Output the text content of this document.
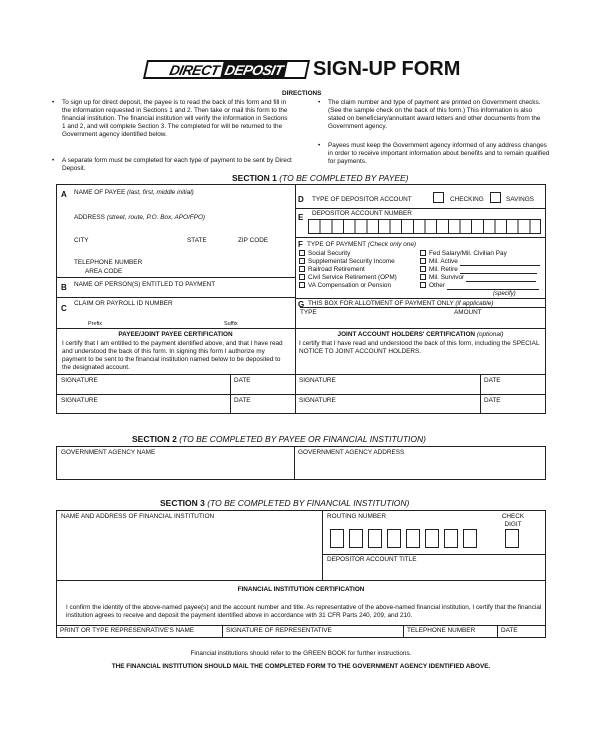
DIRECT DEPOSIT SIGN-UP FORM
DIRECTIONS
• To sign up for direct deposit, the payee is to read the back of this form and fill in the information requested in Sections 1 and 2. Then take or mail this form to the financial institution. The financial institution will verify the information in Sections 1 and 2, and will complete Section 3. The completed for will be returned to the Government agency identified below.
• A separate form must be completed for each type of payment to be sent by Direct Deposit.
• The claim number and type of payment are printed on Government checks. (See the sample check on the back of this form.) This information is also stated on beneficiary/annuitant award letters and other documents from the Government agency.
• Payees must keep the Government agency informed of any address changes in order to receive important information about benefits and to remain qualified for payments.
SECTION 1 (TO BE COMPLETED BY PAYEE)
A NAME OF PAYEE (last, first, middle initial)
ADDRESS (street, route, P.O. Box, APO/FPO)
CITY	STATE	ZIP CODE
TELEPHONE NUMBER
AREA CODE
B NAME OF PERSON(S) ENTITLED TO PAYMENT
C
CLAIM OR PAYROLL ID NUMBER
Prefix	Suffix
D TYPE OF DEPOSITOR ACCOUNT	CHECKING	SAVINGS
E DEPOSITOR ACCOUNT NUMBER
F TYPE OF PAYMENT (Check only one)
Social Security
Supplemental Security Income
Railroad Retirement
Civil Service Retirement (OPM)
VA Compensation or Pension
Fed Salary/Mil. Civilian Pay
Mil. Active
Mil. Retire
Mil. Survivor
Other
(specify)
G THIS BOX FOR ALLOTMENT OF PAYMENT ONLY (if applicable)
TYPE	AMOUNT
PAYEE/JOINT PAYEE CERTIFICATION
I certify that I am entitled to the payment identified above, and that I have read and understood the back of this form. In signing this form I authorize my payment to be sent to the financial institution named below to be deposited to the designated account.
JOINT ACCOUNT HOLDERS' CERTIFICATION (optional)
I certify that I have read and understood the back of this form, including the SPECIAL NOTICE TO JOINT ACCOUNT HOLDERS.
SIGNATURE	DATE	SIGNATURE	DATE
SIGNATURE	DATE	SIGNATURE	DATE
SECTION 2 (TO BE COMPLETED BY PAYEE OR FINANCIAL INSTITUTION)
GOVERNMENT AGENCY NAME	GOVERNMENT AGENCY ADDRESS
SECTION 3 (TO BE COMPLETED BY FINANCIAL INSTITUTION)
NAME AND ADDRESS OF FINANCIAL INSTITUTION	ROUTING NUMBER	CHECK
DIGIT
DEPOSITOR ACCOUNT TITLE
FINANCIAL INSTITUTION CERTIFICATION
I confirm the identity of the above-named payee(s) and the account number and title. As representative of the above-named financial institution, I certify that the financial institution agrees to receive and deposit the payment identified above in accordance with 31 CFR Parts 240, 209, and 210.
PRINT OR TYPE REPRESENRATIVE'S NAME	SIGNATURE OF REPRESENTATIVE	TELEPHONE NUMBER	DATE
Financial institutions should refer to the GREEN BOOK for further instructions.
THE FINANCIAL INSTITUTION SHOULD MAIL THE COMPLETED FORM TO THE GOVERNMENT AGENCY IDENTIFIED ABOVE.
